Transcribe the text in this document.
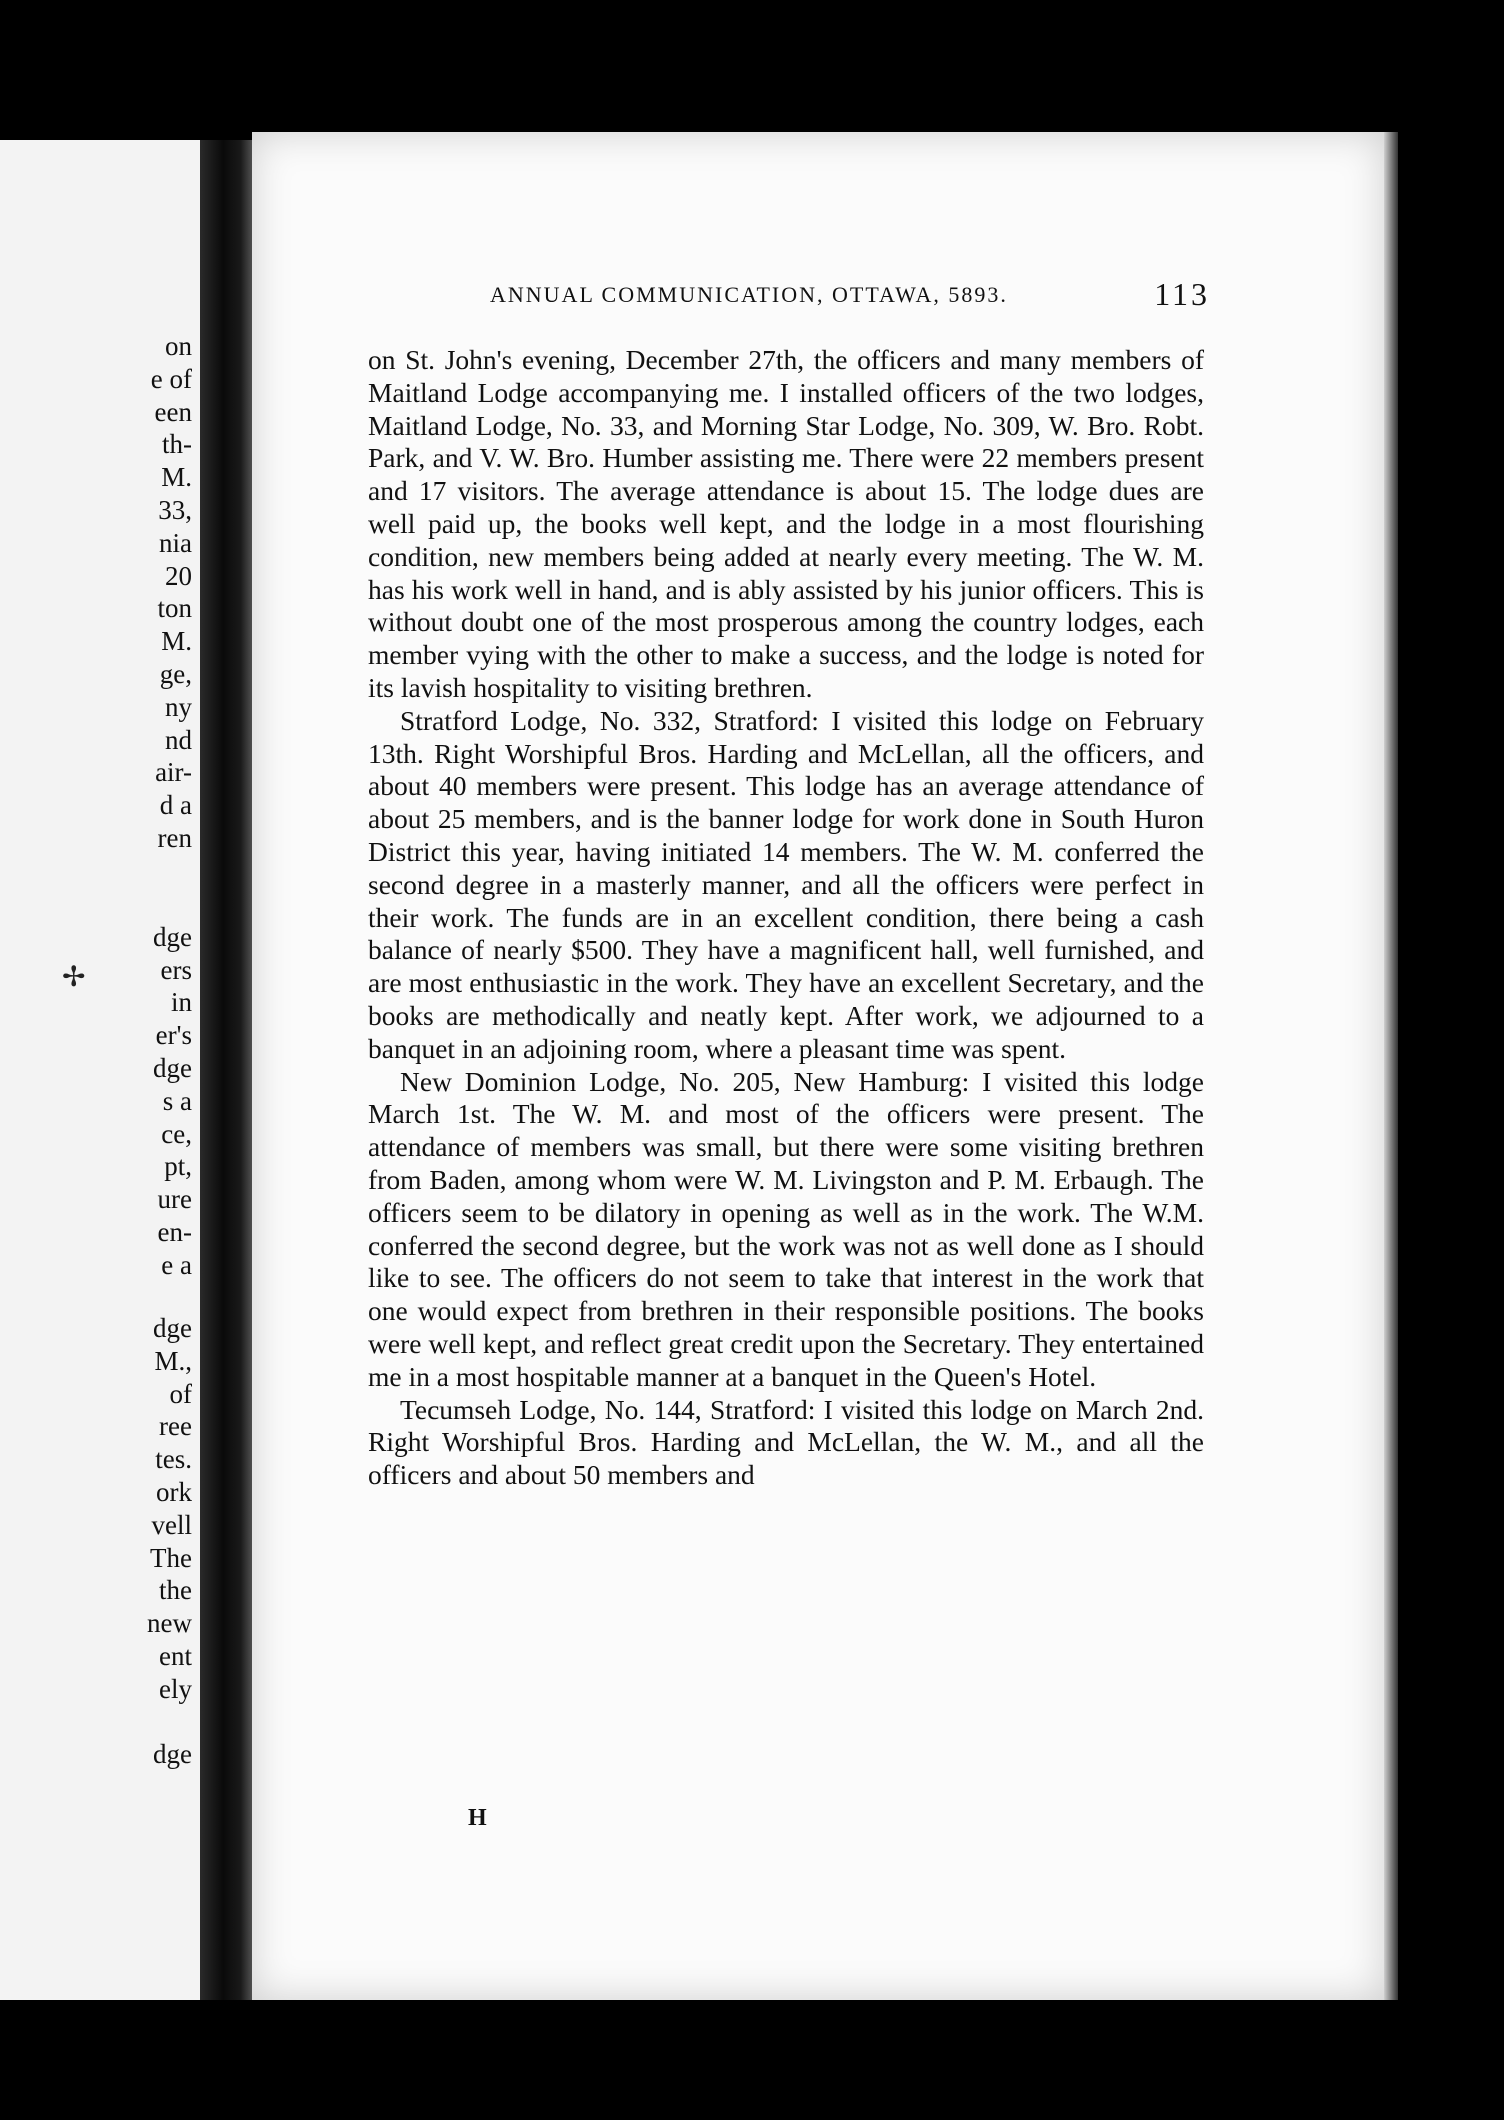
on
e of
een
th-
M.
33,
nia
20
ton
M.
ge,
ny
nd
air-
d a
ren
dge
ers
in
er's
dge
s a
ce,
pt,
ure
en-
e a
dge
M.,
of
ree
tes.
ork
vell
The
the
new
ent
ely
dge
✢
ANNUAL COMMUNICATION, OTTAWA, 5893.	113

on St. John's evening, December 27th, the officers and many members of Maitland Lodge accompanying me. I installed officers of the two lodges, Maitland Lodge, No. 33, and Morning Star Lodge, No. 309, W. Bro. Robt. Park, and V. W. Bro. Humber assisting me. There were 22 members present and 17 visitors. The average attendance is about 15. The lodge dues are well paid up, the books well kept, and the lodge in a most flourishing condition, new members being added at nearly every meeting. The W. M. has his work well in hand, and is ably assisted by his junior officers. This is without doubt one of the most prosperous among the country lodges, each member vying with the other to make a success, and the lodge is noted for its lavish hospitality to visiting brethren.

Stratford Lodge, No. 332, Stratford: I visited this lodge on February 13th. Right Worshipful Bros. Harding and McLellan, all the officers, and about 40 members were present. This lodge has an average attendance of about 25 members, and is the banner lodge for work done in South Huron District this year, having initiated 14 members. The W. M. conferred the second degree in a masterly manner, and all the officers were perfect in their work. The funds are in an excellent condition, there being a cash balance of nearly $500. They have a magnificent hall, well furnished, and are most enthusiastic in the work. They have an excellent Secretary, and the books are methodically and neatly kept. After work, we adjourned to a banquet in an adjoining room, where a pleasant time was spent.

New Dominion Lodge, No. 205, New Hamburg: I visited this lodge March 1st. The W. M. and most of the officers were present. The attendance of members was small, but there were some visiting brethren from Baden, among whom were W. M. Livingston and P. M. Erbaugh. The officers seem to be dilatory in opening as well as in the work. The W.M. conferred the second degree, but the work was not as well done as I should like to see. The officers do not seem to take that interest in the work that one would expect from brethren in their responsible positions. The books were well kept, and reflect great credit upon the Secretary. They entertained me in a most hospitable manner at a banquet in the Queen's Hotel.

Tecumseh Lodge, No. 144, Stratford: I visited this lodge on March 2nd. Right Worshipful Bros. Harding and McLellan, the W. M., and all the officers and about 50 members and

H
